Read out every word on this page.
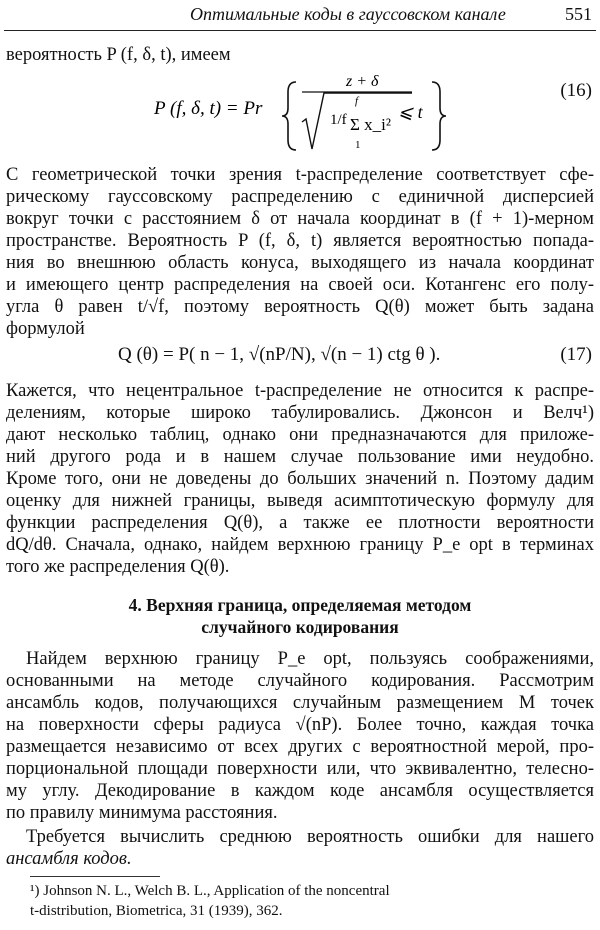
Оптимальные коды в гауссовском канале	551
вероятность P (f, δ, t), имеем
P (f, δ, t) = Pr
z + δ
1/f
f
Σ x_i²
1
⩽ t
(16)
С геометрической точки зрения t-распределение соответствует сфе-
рическому гауссовскому распределению с единичной дисперсией
вокруг точки с расстоянием δ от начала координат в (f + 1)-мерном
пространстве. Вероятность P (f, δ, t) является вероятностью попада-
ния во внешнюю область конуса, выходящего из начала координат
и имеющего центр распределения на своей оси. Котангенс его полу-
угла θ равен t/√f, поэтому вероятность Q(θ) может быть задана
формулой
Q (θ) = P( n − 1, √(nP/N), √(n − 1) ctg θ ).	(17)
Кажется, что нецентральное t-распределение не относится к распре-
делениям, которые широко табулировались. Джонсон и Велч¹)
дают несколько таблиц, однако они предназначаются для приложе-
ний другого рода и в нашем случае пользование ими неудобно.
Кроме того, они не доведены до больших значений n. Поэтому дадим
оценку для нижней границы, выведя асимптотическую формулу для
функции распределения Q(θ), а также ее плотности вероятности
dQ/dθ. Сначала, однако, найдем верхнюю границу P_e opt в терминах
того же распределения Q(θ).
4. Верхняя граница, определяемая методом
случайного кодирования
Найдем верхнюю границу P_e opt, пользуясь соображениями,
основанными на методе случайного кодирования. Рассмотрим
ансамбль кодов, получающихся случайным размещением M точек
на поверхности сферы радиуса √(nP). Более точно, каждая точка
размещается независимо от всех других с вероятностной мерой, про-
порциональной площади поверхности или, что эквивалентно, телесно-
му углу. Декодирование в каждом коде ансамбля осуществляется
по правилу минимума расстояния.
Требуется вычислить среднюю вероятность ошибки для нашего
ансамбля кодов.
¹) Johnson N. L., Welch B. L., Application of the noncentral
t-distribution, Biometrica, 31 (1939), 362.
